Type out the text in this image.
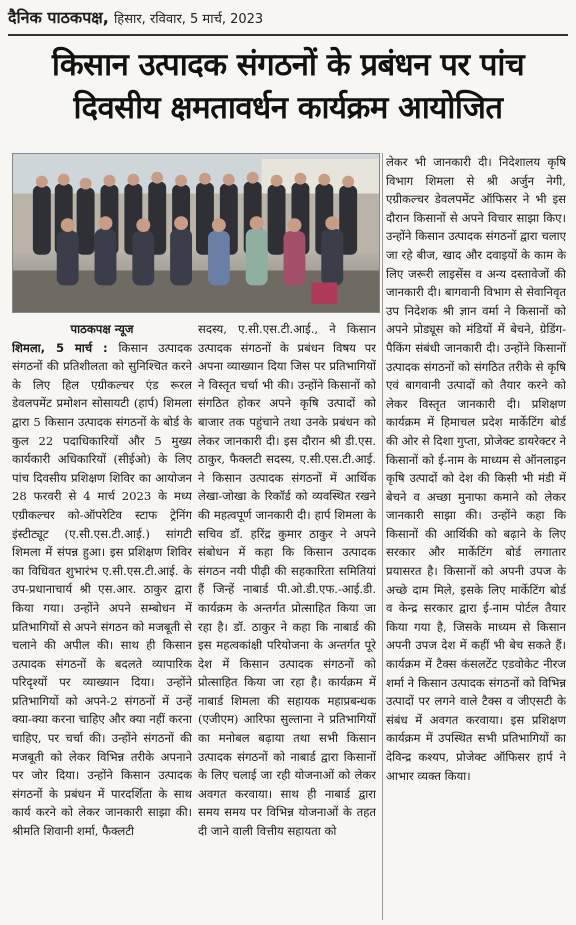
दैनिक पाठकपक्ष, हिसार, रविवार, 5 मार्च, 2023
किसान उत्पादक संगठनों के प्रबंधन पर पांच दिवसीय क्षमतावर्धन कार्यक्रम आयोजित
पाठकपक्ष न्यूज
शिमला, 5 मार्च : किसान उत्पादक संगठनों की प्रतिशीलता को सुनिश्चित करने के लिए हिल एग्रीकल्चर एंड रूरल डेवलपमेंट प्रमोशन सोसायटी (हार्प) शिमला द्वारा 5 किसान उत्पादक संगठनों के बोर्ड के कुल 22 पदाधिकारियों और 5 मुख्य कार्यकारी अधिकारियों (सीईओ) के लिए पांच दिवसीय प्रशिक्षण शिविर का आयोजन 28 फरवरी से 4 मार्च 2023 के मध्य एग्रीकल्चर को-ऑपरेटिव स्टाफ ट्रेनिंग इंस्टीट्यूट (ए.सी.एस.टी.आई.) सांगटी शिमला में संपन्न हुआ। इस प्रशिक्षण शिविर का विधिवत शुभारंभ ए.सी.एस.टी.आई. के उप-प्रधानाचार्य श्री एस.आर. ठाकुर द्वारा किया गया। उन्होंने अपने सम्बोधन में प्रतिभागियों से अपने संगठन को मजबूती से चलाने की अपील की। साथ ही किसान उत्पादक संगठनों के बदलते व्यापारिक परिदृश्यों पर व्याख्यान दिया। उन्होंने प्रतिभागियों को अपने-2 संगठनों में उन्हें क्या-क्या करना चाहिए और क्या नहीं करना चाहिए, पर चर्चा की। उन्होंने संगठनों की मजबूती को लेकर विभिन्न तरीके अपनाने पर जोर दिया। उन्होंने किसान उत्पादक संगठनों के प्रबंधन में पारदर्शिता के साथ कार्य करने को लेकर जानकारी साझा की। श्रीमति शिवानी शर्मा, फैक्लटी
सदस्य, ए.सी.एस.टी.आई., ने किसान उत्पादक संगठनों के प्रबंधन विषय पर अपना व्याख्यान दिया जिस पर प्रतिभागियों ने विस्तृत चर्चा भी की। उन्होंने किसानों को संगठित होकर अपने कृषि उत्पादों को बाजार तक पहुंचाने तथा उनके प्रबंधन को लेकर जानकारी दी। इस दौरान श्री डी.एस. ठाकुर, फैक्लटी सदस्य, ए.सी.एस.टी.आई. ने किसान उत्पादक संगठनों में आर्थिक लेखा-जोखा के रिकॉर्ड को व्यवस्थित रखने की महत्वपूर्ण जानकारी दी। हार्प शिमला के सचिव डॉ. हरिंद्र कुमार ठाकुर ने अपने संबोधन में कहा कि किसान उत्पादक संगठन नयी पीढ़ी की सहकारिता समितियां हैं जिन्हें नाबार्ड पी.ओ.डी.एफ.-आई.डी. कार्यक्रम के अन्तर्गत प्रोत्साहित किया जा रहा है। डॉ. ठाकुर ने कहा कि नाबार्ड की इस महत्वकांक्षी परियोजना के अन्तर्गत पूरे देश में किसान उत्पादक संगठनों को प्रोत्साहित किया जा रहा है। कार्यक्रम में नाबार्ड शिमला की सहायक महाप्रबन्धक (एजीएम) आरिफा सुल्ताना ने प्रतिभागियों का मनोबल बढ़ाया तथा सभी किसान उत्पादक संगठनों को नाबार्ड द्वारा किसानों के लिए चलाई जा रही योजनाओं को लेकर अवगत करवाया। साथ ही नाबार्ड द्वारा समय समय पर विभिन्न योजनाओं के तहत दी जाने वाली वित्तीय सहायता को
लेकर भी जानकारी दी। निदेशालय कृषि विभाग शिमला से श्री अर्जुन नेगी, एग्रीकल्चर डेवलपमेंट ऑफिसर ने भी इस दौरान किसानों से अपने विचार साझा किए। उन्होंने किसान उत्पादक संगठनों द्वारा चलाए जा रहे बीज, खाद और दवाइयों के काम के लिए जरूरी लाइसेंस व अन्य दस्तावेजों की जानकारी दी। बागवानी विभाग से सेवानिवृत उप निदेशक श्री ज्ञान वर्मा ने किसानों को अपने प्रोड्यूस को मंडियों में बेचने, ग्रेडिंग-पैकिंग संबंधी जानकारी दी। उन्होंने किसानों उत्पादक संगठनों को संगठित तरीके से कृषि एवं बागवानी उत्पादों को तैयार करने को लेकर विस्तृत जानकारी दी। प्रशिक्षण कार्यक्रम में हिमाचल प्रदेश मार्केटिंग बोर्ड की ओर से दिशा गुप्ता, प्रोजेक्ट डायरेक्टर ने किसानों को ई-नाम के माध्यम से ऑनलाइन कृषि उत्पादों को देश की किसी भी मंडी में बेचने व अच्छा मुनाफा कमाने को लेकर जानकारी साझा की। उन्होंने कहा कि किसानों की आर्थिकी को बढ़ाने के लिए सरकार और मार्केटिंग बोर्ड लगातार प्रयासरत है। किसानों को अपनी उपज के अच्छे दाम मिले, इसके लिए मार्केटिंग बोर्ड व केन्द्र सरकार द्वारा ई-नाम पोर्टल तैयार किया गया है, जिसके माध्यम से किसान अपनी उपज देश में कहीं भी बेच सकते हैं। कार्यक्रम में टैक्स कंसलटेंट एडवोकेट नीरज शर्मा ने किसान उत्पादक संगठनों को विभिन्न उत्पादों पर लगने वाले टैक्स व जीएसटी के संबंध में अवगत करवाया। इस प्रशिक्षण कार्यक्रम में उपस्थित सभी प्रतिभागियों का देविन्द्र कश्यप, प्रोजेक्ट ऑफिसर हार्प ने आभार व्यक्त किया।
